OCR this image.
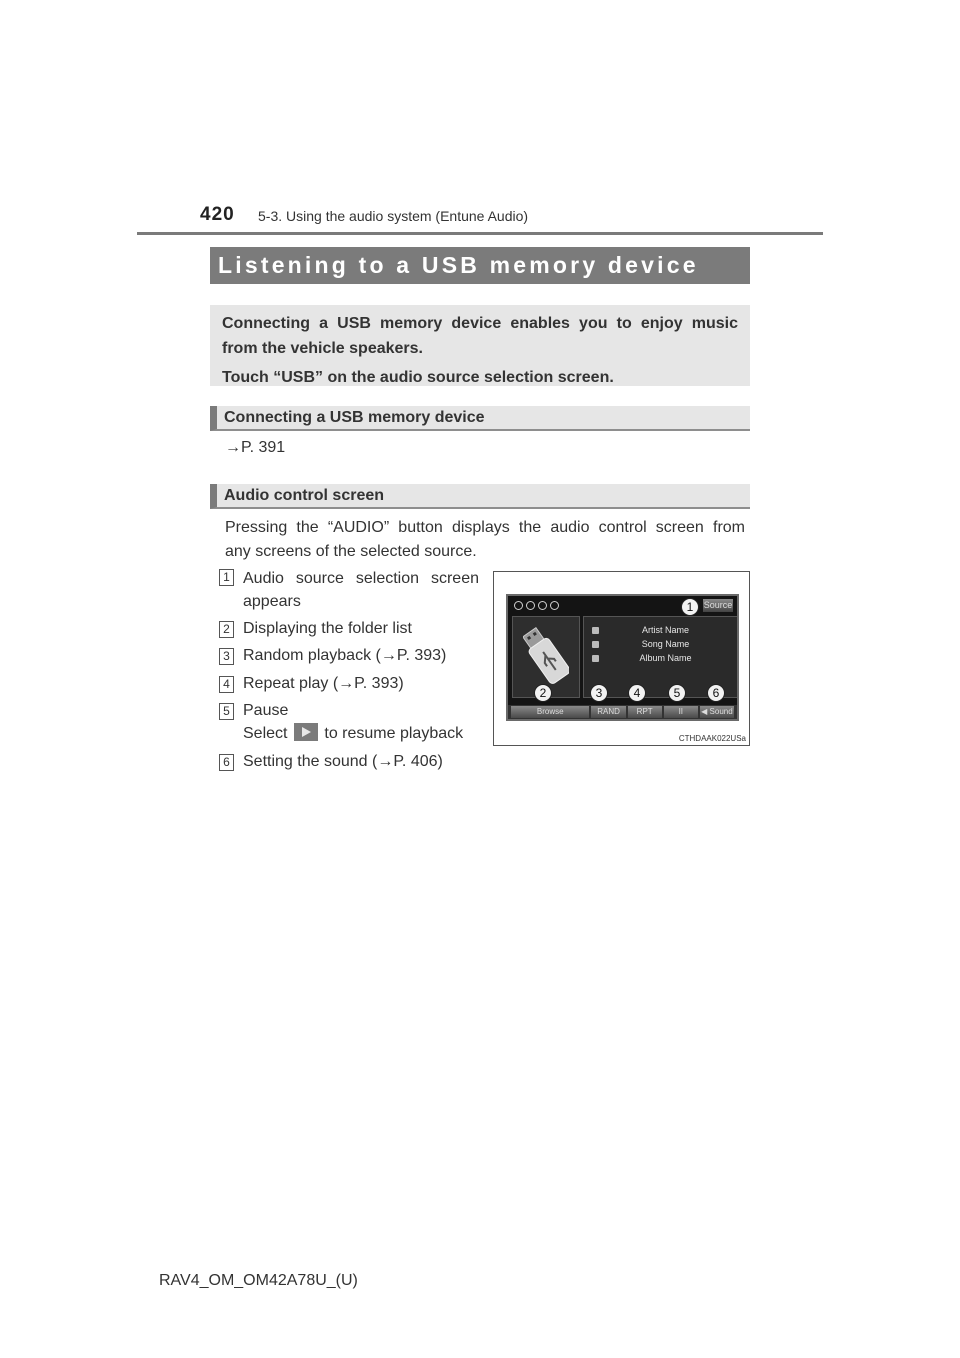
420 5-3. Using the audio system (Entune Audio)
Listening to a USB memory device

Connecting a USB memory device enables you to enjoy music

from the vehicle speakers.

Touch “USB” on the audio source selection screen.

Connecting a USB memory device
→P. 391
Audio control screen
Pressing the “AUDIO” button displays the audio control screen from
any screens of the selected source.
1 Audio source selection screen
appears
2 Displaying the folder list
3 Random playback (→P. 393)
4 Repeat play (→P. 393)
5 Pause
Select to resume playback
6 Setting the sound (→P. 406)
Source
Artist Name
Song Name
Album Name
Browse	RAND	RPT	II	◀ Sound
1
2	3	4	5	6
CTHDAAK022USa
RAV4_OM_OM42A78U_(U)
